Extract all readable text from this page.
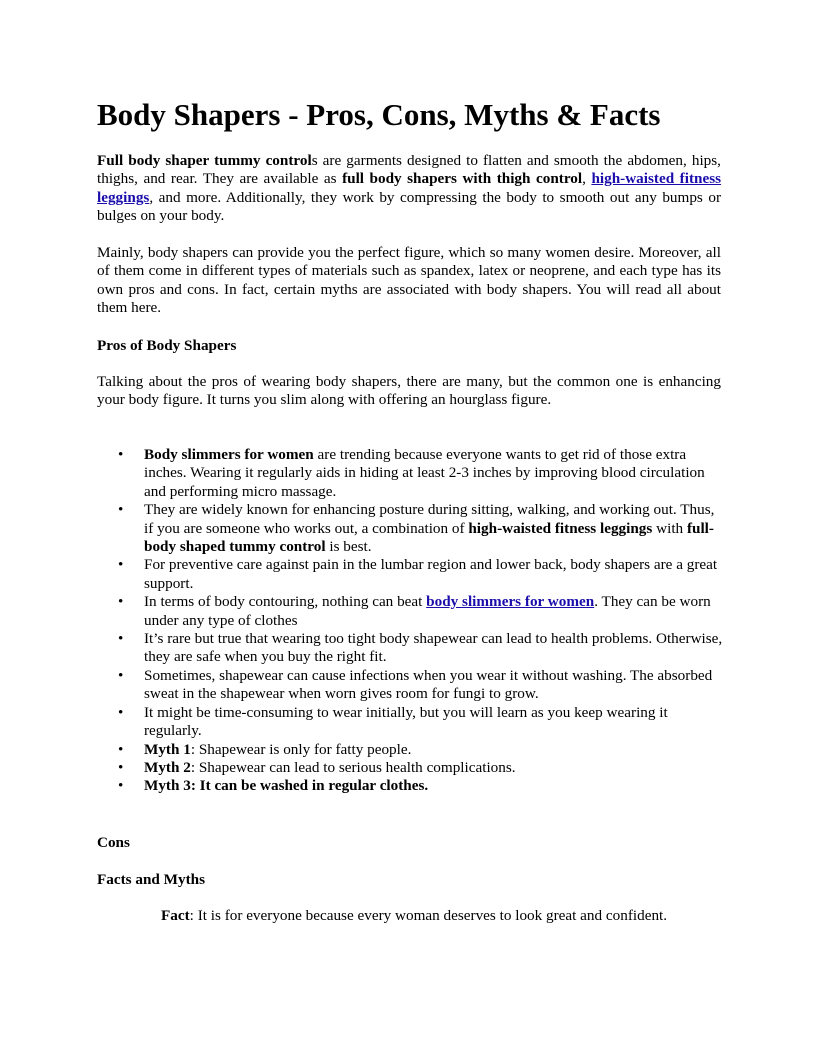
Body Shapers - Pros, Cons, Myths & Facts

Full body shaper tummy controls are garments designed to flatten and smooth the abdomen, hips, thighs, and rear. They are available as full body shapers with thigh control, high-waisted fitness leggings, and more. Additionally, they work by compressing the body to smooth out any bumps or bulges on your body.

Mainly, body shapers can provide you the perfect figure, which so many women desire. Moreover, all of them come in different types of materials such as spandex, latex or neoprene, and each type has its own pros and cons. In fact, certain myths are associated with body shapers. You will read all about them here.

Pros of Body Shapers

Talking about the pros of wearing body shapers, there are many, but the common one is enhancing your body figure. It turns you slim along with offering an hourglass figure.

• Body slimmers for women are trending because everyone wants to get rid of those extra inches. Wearing it regularly aids in hiding at least 2-3 inches by improving blood circulation and performing micro massage.
• They are widely known for enhancing posture during sitting, walking, and working out. Thus, if you are someone who works out, a combination of high-waisted fitness leggings with full-body shaped tummy control is best.
• For preventive care against pain in the lumbar region and lower back, body shapers are a great support.
• In terms of body contouring, nothing can beat body slimmers for women. They can be worn under any type of clothes
• It’s rare but true that wearing too tight body shapewear can lead to health problems. Otherwise, they are safe when you buy the right fit.
• Sometimes, shapewear can cause infections when you wear it without washing. The absorbed sweat in the shapewear when worn gives room for fungi to grow.
• It might be time-consuming to wear initially, but you will learn as you keep wearing it regularly.
• Myth 1: Shapewear is only for fatty people.
• Myth 2: Shapewear can lead to serious health complications.
• Myth 3: It can be washed in regular clothes.

Cons

Facts and Myths

Fact: It is for everyone because every woman deserves to look great and confident.
